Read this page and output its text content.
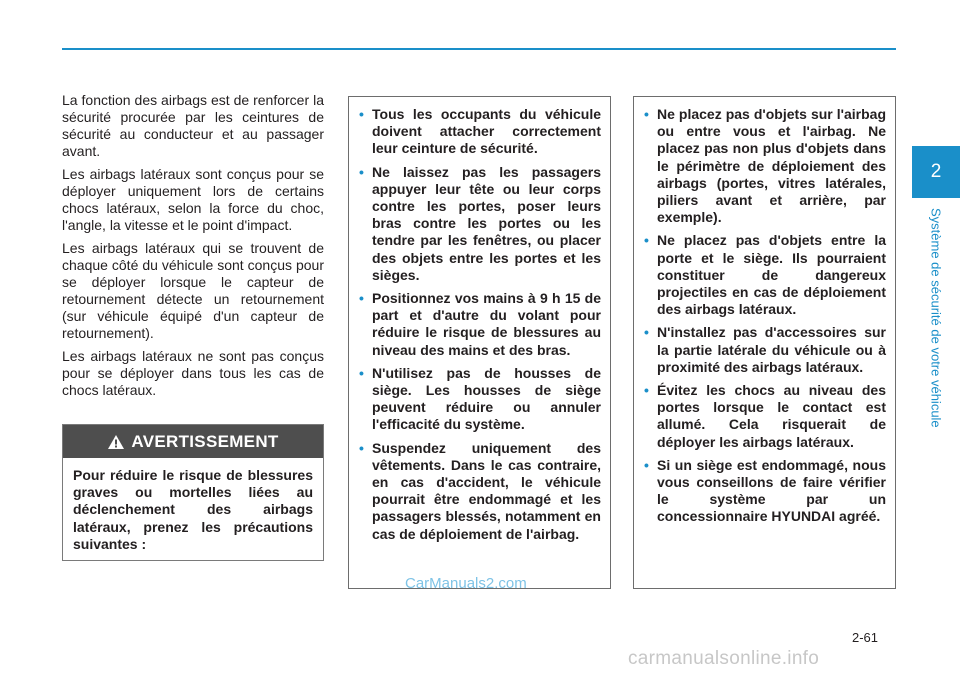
La fonction des airbags est de renforcer la sécurité procurée par les ceintures de sécurité au conducteur et au passager avant.

Les airbags latéraux sont conçus pour se déployer uniquement lors de certains chocs latéraux, selon la force du choc, l'angle, la vitesse et le point d'impact.

Les airbags latéraux qui se trouvent de chaque côté du véhicule sont conçus pour se déployer lorsque le capteur de retournement détecte un retournement (sur véhicule équipé d'un capteur de retournement).

Les airbags latéraux ne sont pas conçus pour se déployer dans tous les cas de chocs latéraux.

AVERTISSEMENT
Pour réduire le risque de blessures graves ou mortelles liées au déclenchement des airbags latéraux, prenez les précautions suivantes :
• Tous les occupants du véhicule doivent attacher correctement leur ceinture de sécurité.
• Ne laissez pas les passagers appuyer leur tête ou leur corps contre les portes, poser leurs bras contre les portes ou les tendre par les fenêtres, ou placer des objets entre les portes et les sièges.
• Positionnez vos mains à 9 h 15 de part et d'autre du volant pour réduire le risque de blessures au niveau des mains et des bras.
• N'utilisez pas de housses de siège. Les housses de siège peuvent réduire ou annuler l'efficacité du système.
• Suspendez uniquement des vêtements. Dans le cas contraire, en cas d'accident, le véhicule pourrait être endommagé et les passagers blessés, notamment en cas de déploiement de l'airbag.
• Ne placez pas d'objets sur l'airbag ou entre vous et l'airbag. Ne placez pas non plus d'objets dans le périmètre de déploiement des airbags (portes, vitres latérales, piliers avant et arrière, par exemple).
• Ne placez pas d'objets entre la porte et le siège. Ils pourraient constituer de dangereux projectiles en cas de déploiement des airbags latéraux.
• N'installez pas d'accessoires sur la partie latérale du véhicule ou à proximité des airbags latéraux.
• Évitez les chocs au niveau des portes lorsque le contact est allumé. Cela risquerait de déployer les airbags latéraux.
• Si un siège est endommagé, nous vous conseillons de faire vérifier le système par un concessionnaire HYUNDAI agréé.
2
Système de sécurité de votre véhicule
2-61
CarManuals2.com
carmanualsonline.info
